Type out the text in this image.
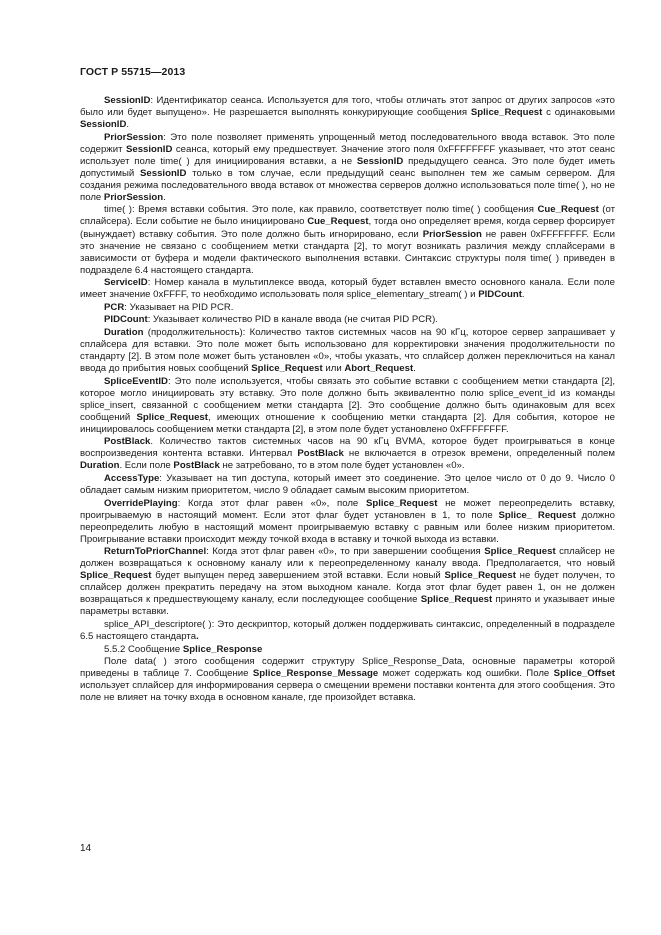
ГОСТ Р 55715—2013

SessionID: Идентификатор сеанса. Используется для того, чтобы отличать этот запрос от других запросов «это было или будет выпущено». Не разрешается выполнять конкурирующие сообщения Splice_Request с одинаковыми SessionID.

PriorSession: Это поле позволяет применять упрощенный метод последовательного ввода вставок. Это поле содержит SessionID сеанса, который ему предшествует. Значение этого поля 0xFFFFFFFF указывает, что этот сеанс использует поле time( ) для инициирования вставки, а не SessionID предыдущего сеанса. Это поле будет иметь допустимый SessionID только в том случае, если предыдущий сеанс выполнен тем же самым сервером. Для создания режима последовательного ввода вставок от множества серверов должно использоваться поле time( ), но не поле PriorSession.

time( ): Время вставки события. Это поле, как правило, соответствует полю time( ) сообщения Cue_Request (от сплайсера). Если событие не было инициировано Cue_Request, тогда оно определяет время, когда сервер форсирует (вынуждает) вставку события. Это поле должно быть игнорировано, если PriorSession не равен 0xFFFFFFFF. Если это значение не связано с сообщением метки стандарта [2], то могут возникать различия между сплайсерами в зависимости от буфера и модели фактического выполнения вставки. Синтаксис структуры поля time( ) приведен в подразделе 6.4 настоящего стандарта.

ServiceID: Номер канала в мультиплексе ввода, который будет вставлен вместо основного канала. Если поле имеет значение 0xFFFF, то необходимо использовать поля splice_elementary_stream( ) и PIDCount.

PCR: Указывает на PID PCR.

PIDCount: Указывает количество PID в канале ввода (не считая PID PCR).

Duration (продолжительность): Количество тактов системных часов на 90 кГц, которое сервер запрашивает у сплайсера для вставки. Это поле может быть использовано для корректировки значения продолжительности по стандарту [2]. В этом поле может быть установлен «0», чтобы указать, что сплайсер должен переключиться на канал ввода до прибытия новых сообщений Splice_Request или Abort_Request.

SpliceEventID: Это поле используется, чтобы связать это событие вставки с сообщением метки стандарта [2], которое могло инициировать эту вставку. Это поле должно быть эквивалентно полю splice_event_id из команды splice_insert, связанной с сообщением метки стандарта [2]. Это сообщение должно быть одинаковым для всех сообщений Splice_Request, имеющих отношение к сообщению метки стандарта [2]. Для события, которое не инициировалось сообщением метки стандарта [2], в этом поле будет установлено 0xFFFFFFFF.

PostBlack. Количество тактов системных часов на 90 кГц BVMA, которое будет проигрываться в конце воспроизведения контента вставки. Интервал PostBlack не включается в отрезок времени, определенный полем Duration. Если поле PostBlack не затребовано, то в этом поле будет установлен «0».

AccessType: Указывает на тип доступа, который имеет это соединение. Это целое число от 0 до 9. Число 0 обладает самым низким приоритетом, число 9 обладает самым высоким приоритетом.

OverridePlaying: Когда этот флаг равен «0», поле Splice_Request не может переопределить вставку, проигрываемую в настоящий момент. Если этот флаг будет установлен в 1, то поле Splice_ Request должно переопределить любую в настоящий момент проигрываемую вставку с равным или более низким приоритетом. Проигрывание вставки происходит между точкой входа в вставку и точкой выхода из вставки.

ReturnToPriorChannel: Когда этот флаг равен «0», то при завершении сообщения Splice_Request сплайсер не должен возвращаться к основному каналу или к переопределенному каналу ввода. Предполагается, что новый Splice_Request будет выпущен перед завершением этой вставки. Если новый Splice_Request не будет получен, то сплайсер должен прекратить передачу на этом выходном канале. Когда этот флаг будет равен 1, он не должен возвращаться к предшествующему каналу, если последующее сообщение Splice_Request принято и указывает иные параметры вставки.

splice_API_descriptore( ): Это дескриптор, который должен поддерживать синтаксис, определенный в подразделе 6.5 настоящего стандарта.

5.5.2 Сообщение Splice_Response

Поле data( ) этого сообщения содержит структуру Splice_Response_Data, основные параметры которой приведены в таблице 7. Сообщение Splice_Response_Message может содержать код ошибки. Поле Splice_Offset использует сплайсер для информирования сервера о смещении времени поставки контента для этого сообщения. Это поле не влияет на точку входа в основном канале, где произойдет вставка.

14
